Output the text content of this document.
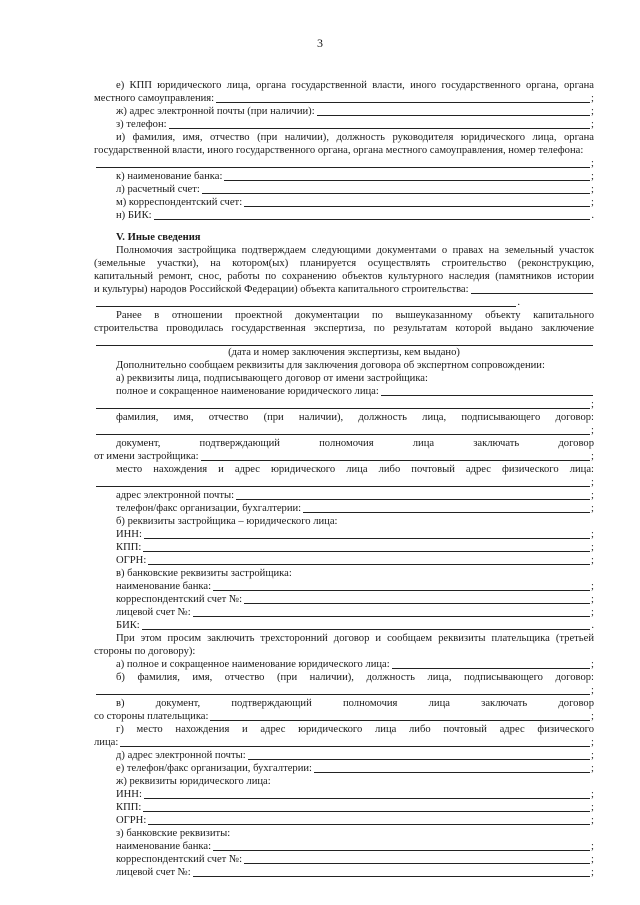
3
е) КПП юридического лица, органа государственной власти, иного государственного органа, органа
местного самоуправления:	;
ж) адрес электронной почты (при наличии):	;
з) телефон:	;
и) фамилия, имя, отчество (при наличии), должность руководителя юридического лица, органа
государственной власти, иного государственного органа, органа местного самоуправления, номер телефона:
;
к) наименование банка:	;
л) расчетный счет:	;
м) корреспондентский счет:	;
н) БИК:	.
V. Иные сведения
Полномочия застройщика подтверждаем следующими документами о правах на земельный участок
(земельные участки), на котором(ых) планируется осуществлять строительство (реконструкцию,
капитальный ремонт, снос, работы по сохранению объектов культурного наследия (памятников истории
и культуры) народов Российской Федерации) объекта капитального строительства:
.
Ранее в отношении проектной документации по вышеуказанному объекту капитального
строительства проводилась государственная экспертиза, по результатам которой выдано заключение
(дата и номер заключения экспертизы, кем выдано)
Дополнительно сообщаем реквизиты для заключения договора об экспертном сопровождении:
а) реквизиты лица, подписывающего договор от имени застройщика:
полное и сокращенное наименование юридического лица:
;
фамилия, имя, отчество (при наличии), должность лица, подписывающего договор:
;
документ, подтверждающий полномочия лица заключать договор
от имени застройщика:	;
место нахождения и адрес юридического лица либо почтовый адрес физического лица:
;
адрес электронной почты:	;
телефон/факс организации, бухгалтерии:	;
б) реквизиты застройщика – юридического лица:
ИНН:	;
КПП:	;
ОГРН:	;
в) банковские реквизиты застройщика:
наименование банка:	;
корреспондентский счет №:	;
лицевой счет №:	;
БИК:	.
При этом просим заключить трехсторонний договор и сообщаем реквизиты плательщика (третьей
стороны по договору):
а) полное и сокращенное наименование юридического лица:	;
б) фамилия, имя, отчество (при наличии), должность лица, подписывающего договор:
;
в) документ, подтверждающий полномочия лица заключать договор
со стороны плательщика:	;
г) место нахождения и адрес юридического лица либо почтовый адрес физического
лица:	;
д) адрес электронной почты:	;
е) телефон/факс организации, бухгалтерии:	;
ж) реквизиты юридического лица:
ИНН:	;
КПП:	;
ОГРН:	;
з) банковские реквизиты:
наименование банка:	;
корреспондентский счет №:	;
лицевой счет №:	;
